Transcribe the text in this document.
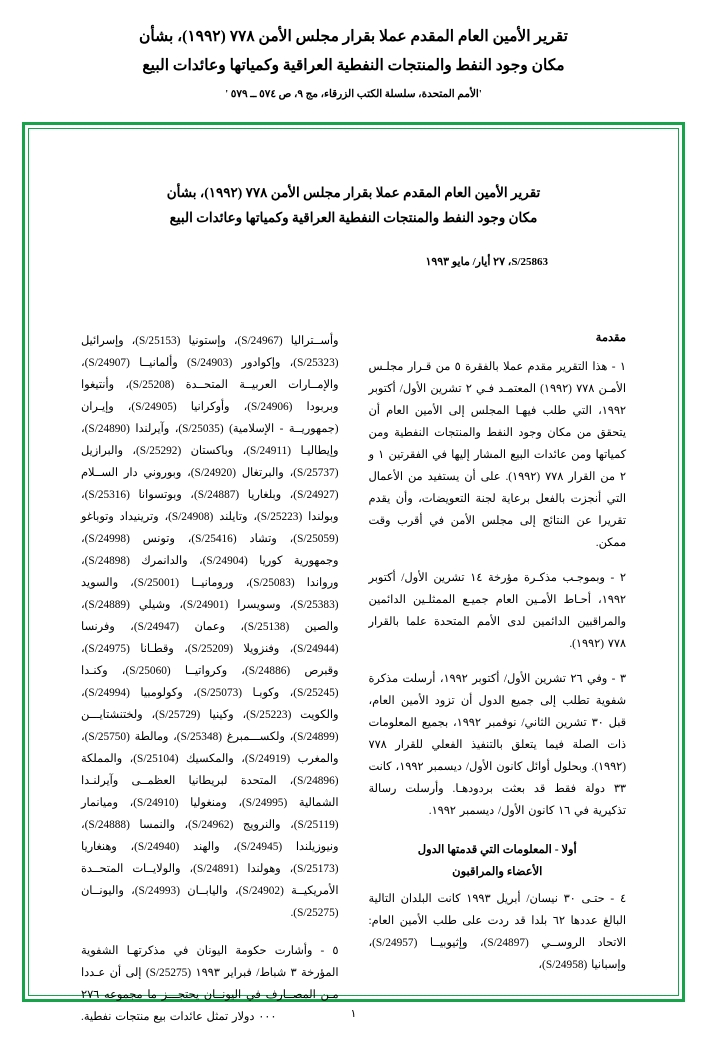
تقرير الأمين العام المقدم عملا بقرار مجلس الأمن ٧٧٨ (١٩٩٢)، بشأن
مكان وجود النفط والمنتجات النفطية العراقية وكمياتها وعائدات البيع
'الأمم المتحدة، سلسلة الكتب الزرقاء، مج ٩، ص ٥٧٤ ــ ٥٧٩ '
تقرير الأمين العام المقدم عملا بقرار مجلس الأمن ٧٧٨ (١٩٩٢)، بشأن
مكان وجود النفط والمنتجات النفطية العراقية وكمياتها وعائدات البيع
S/25863، ٢٧ أيار/ مايو ١٩٩٣
مقدمة

١ - هذا التقرير مقدم عملا بالفقرة ٥ من قـرار مجلـس الأمـن ٧٧٨ (١٩٩٢) المعتمـد فـي ٢ تشرين الأول/ أكتوبر ١٩٩٢، التي طلب فيهـا المجلس إلى الأمين العام أن يتحقق من مكان وجود النفط والمنتجات النفطية ومن كمياتها ومن عائدات البيع المشار إليها في الفقرتين ١ و ٢ من القرار ٧٧٨ (١٩٩٢). على أن يستفيد من الأعمال التي أنجزت بالفعل برعاية لجنة التعويضات، وأن يقدم تقريرا عن النتائج إلى مجلس الأمن في أقرب وقت ممكن.

٢ - وبموجـب مذكـرة مؤرخة ١٤ تشرين الأول/ أكتوبر ١٩٩٢، أحـاط الأمـين العام جميـع الممثلـين الدائمين والمراقبين الدائمين لدى الأمم المتحدة علما بالقرار ٧٧٨ (١٩٩٢).

٣ - وفي ٢٦ تشرين الأول/ أكتوبر ١٩٩٢، أرسلت مذكرة شفوية تطلب إلى جميع الدول أن تزود الأمين العام، قبل ٣٠ تشرين الثاني/ نوفمبر ١٩٩٢، بجميع المعلومات ذات الصلة فيما يتعلق بالتنفيذ الفعلي للقرار ٧٧٨ (١٩٩٢). وبحلول أوائل كانون الأول/ ديسمبر ١٩٩٢، كانت ٣٣ دولة فقط قد بعثت بردودهـا. وأرسلت رسالة تذكيرية في ١٦ كانون الأول/ ديسمبر ١٩٩٢.

أولا - المعلومات التي قدمتها الدول
الأعضاء والمراقبون

٤ - حتـى ٣٠ نيسان/ أبريل ١٩٩٣ كانت البلدان التالية البالغ عددها ٦٢ بلدا قد ردت على طلب الأمين العام: الاتحاد الروســي (S/24897)، وإثيوبيــا (S/24957)، وإسبانيا (S/24958)،

وأســتراليا (S/24967)، وإستونيا (S/25153)، وإسرائيل (S/25323)، وإكوادور (S/24903) وألمانيــا (S/24907)، والإمــارات العربيــة المتحــدة (S/25208)، وأنتيغوا وبربودا (S/24906)، وأوكرانيا (S/24905)، وإيـران (جمهوريــة - الإسلامية) (S/25035)، وآيرلندا (S/24890)، وإيطاليـا (S/24911)، وباكستان (S/25292)، والبرازيل (S/25737)، والبرتغال (S/24920)، وبوروني دار الســلام (S/24927)، وبلغاريا (S/24887)، وبوتسوانا (S/25316)، وبولندا (S/25223)، وتايلند (S/24908)، وترينيداد وتوباغو (S/25059)، وتشاد (S/25416)، وتونس (S/24998)، وجمهورية كوريا (S/24904)، والدانمرك (S/24898)، ورواندا (S/25083)، ورومانيــا (S/25001)، والسويد (S/25383)، وسويسرا (S/24901)، وشيلي (S/24889)، والصين (S/25138)، وعمان (S/24947)، وفرنسا (S/24944)، وفنزويلا (S/25209)، وقطـانا (S/24975)، وقبرص (S/24886)، وكرواتيــا (S/25060)، وكنـدا (S/25245)، وكوبـا (S/25073)، وكولومبيا (S/24994)، والكويت (S/25223)، وكينيا (S/25729)، ولختنشتايـــن (S/24899)، ولكســـمبرغ (S/25348)، ومالطة (S/25750)، والمغرب (S/24919)، والمكسيك (S/25104)، والمملكة (S/24896)، المتحدة لبريطانيا العظمــى وآيرلنـدا الشمالية (S/24995)، ومنغوليا (S/24910)، وميانمار (S/25119)، والنرويج (S/24962)، والنمسا (S/24888)، ونيوزيلندا (S/24945)، والهند (S/24940)، وهنغاريا (S/25173)، وهولندا (S/24891)، والولايــات المتحــدة الأمريكيــة (S/24902)، واليابــان (S/24993)، واليونــان (S/25275).

٥ - وأشارت حكومة اليونان في مذكرتهـا الشفوية المؤرخة ٣ شباط/ فبراير ١٩٩٣ (S/25275) إلى أن عـددا مـن المصــارف في اليونــان يحتجـــز ما مجموعه ٢٧٦ ٠٠٠ دولار تمثل عائدات بيع منتجات نفطية.	١
